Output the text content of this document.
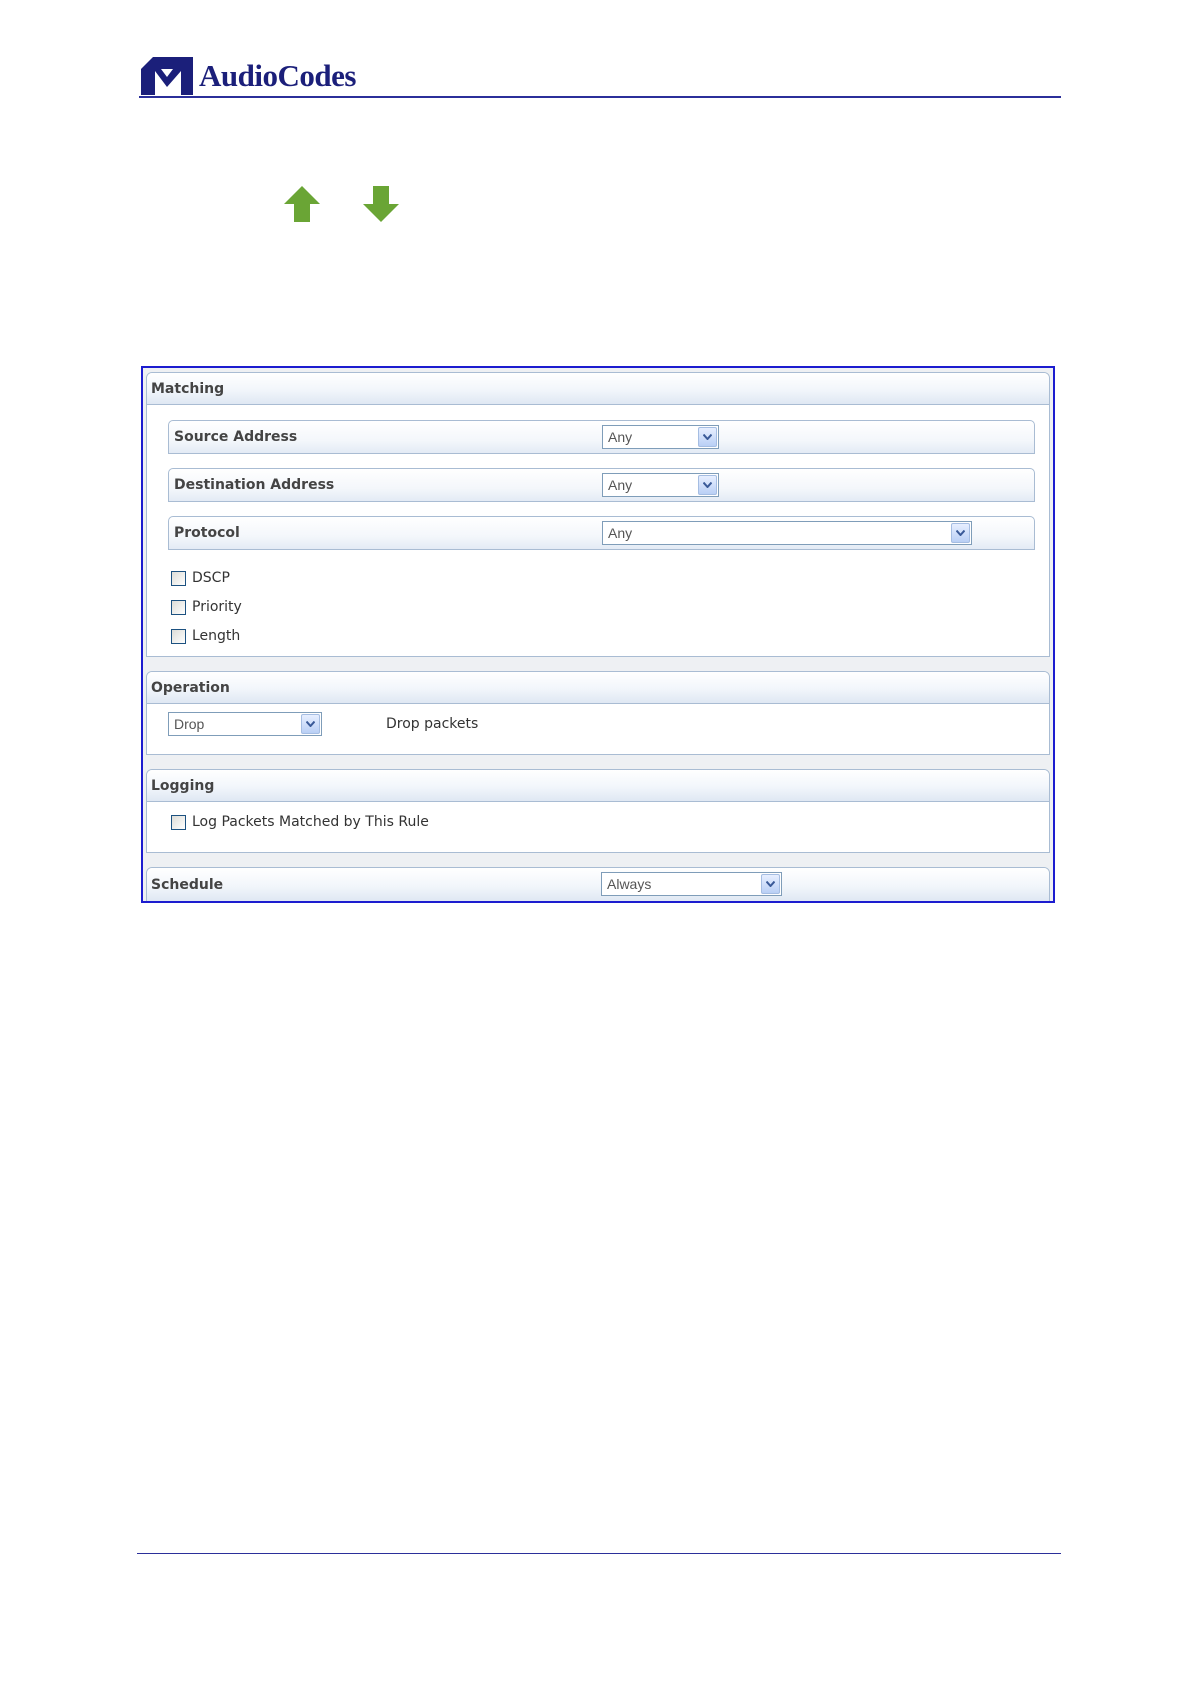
AudioCodes
Matching
Source Address	Any
Destination Address	Any
Protocol	Any
DSCP
Priority
Length
Operation
Drop	Drop packets
Logging
Log Packets Matched by This Rule
Schedule	Always
